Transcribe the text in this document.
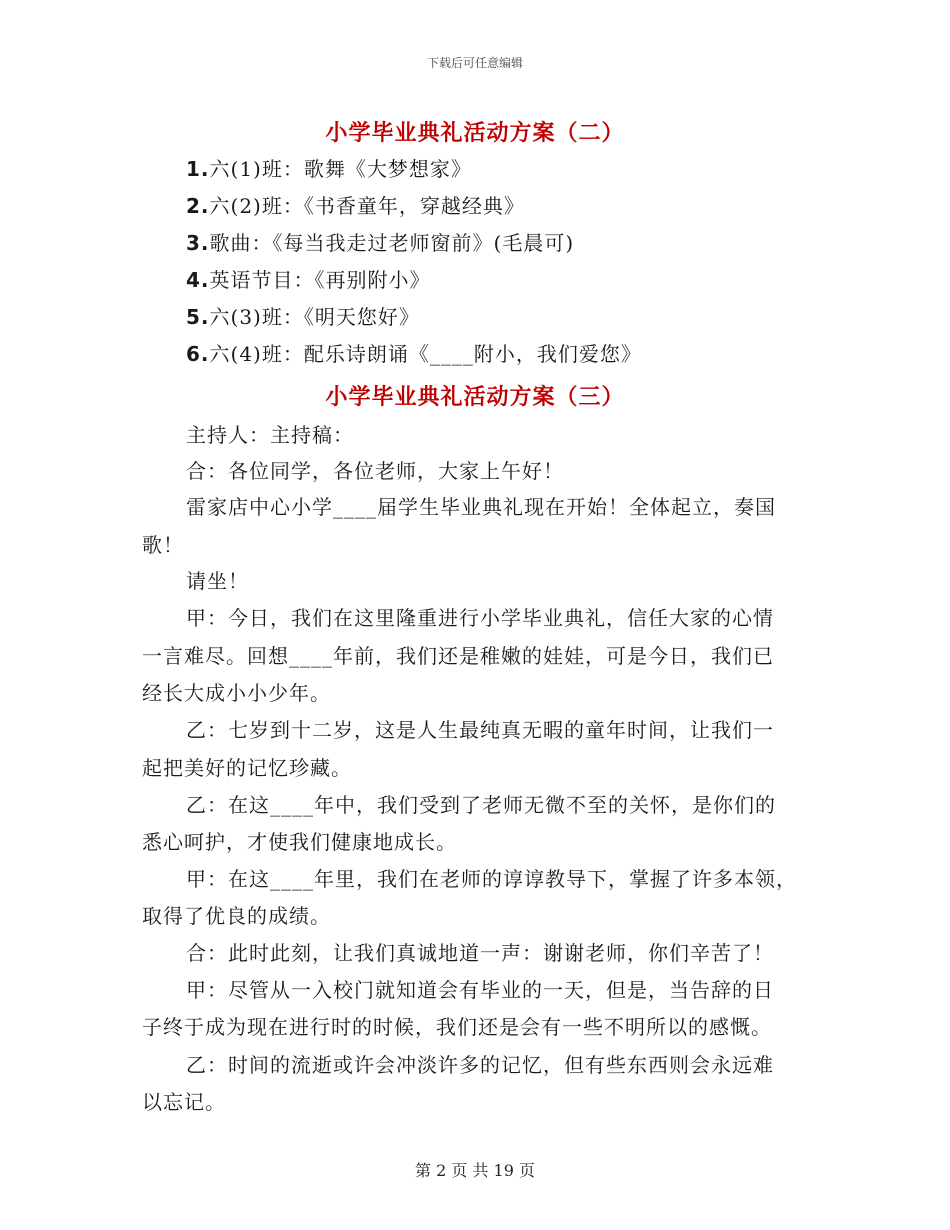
下载后可任意编辑
小学毕业典礼活动方案（二）
1.六(1)班：歌舞《大梦想家》
2.六(2)班：《书香童年，穿越经典》
3.歌曲：《每当我走过老师窗前》(毛晨可)
4.英语节目：《再别附小》
5.六(3)班：《明天您好》
6.六(4)班：配乐诗朗诵《____附小，我们爱您》
小学毕业典礼活动方案（三）
主持人：主持稿：
合：各位同学，各位老师，大家上午好！
雷家店中心小学____届学生毕业典礼现在开始！全体起立，奏国
歌！
请坐！
甲：今日，我们在这里隆重进行小学毕业典礼，信任大家的心情
一言难尽。回想____年前，我们还是稚嫩的娃娃，可是今日，我们已
经长大成小小少年。
乙：七岁到十二岁，这是人生最纯真无暇的童年时间，让我们一
起把美好的记忆珍藏。
乙：在这____年中，我们受到了老师无微不至的关怀，是你们的
悉心呵护，才使我们健康地成长。
甲：在这____年里，我们在老师的谆谆教导下，掌握了许多本领，
取得了优良的成绩。
合：此时此刻，让我们真诚地道一声：谢谢老师，你们辛苦了！
甲：尽管从一入校门就知道会有毕业的一天，但是，当告辞的日
子终于成为现在进行时的时候，我们还是会有一些不明所以的感慨。
乙：时间的流逝或许会冲淡许多的记忆，但有些东西则会永远难
以忘记。
第 2 页 共 19 页
